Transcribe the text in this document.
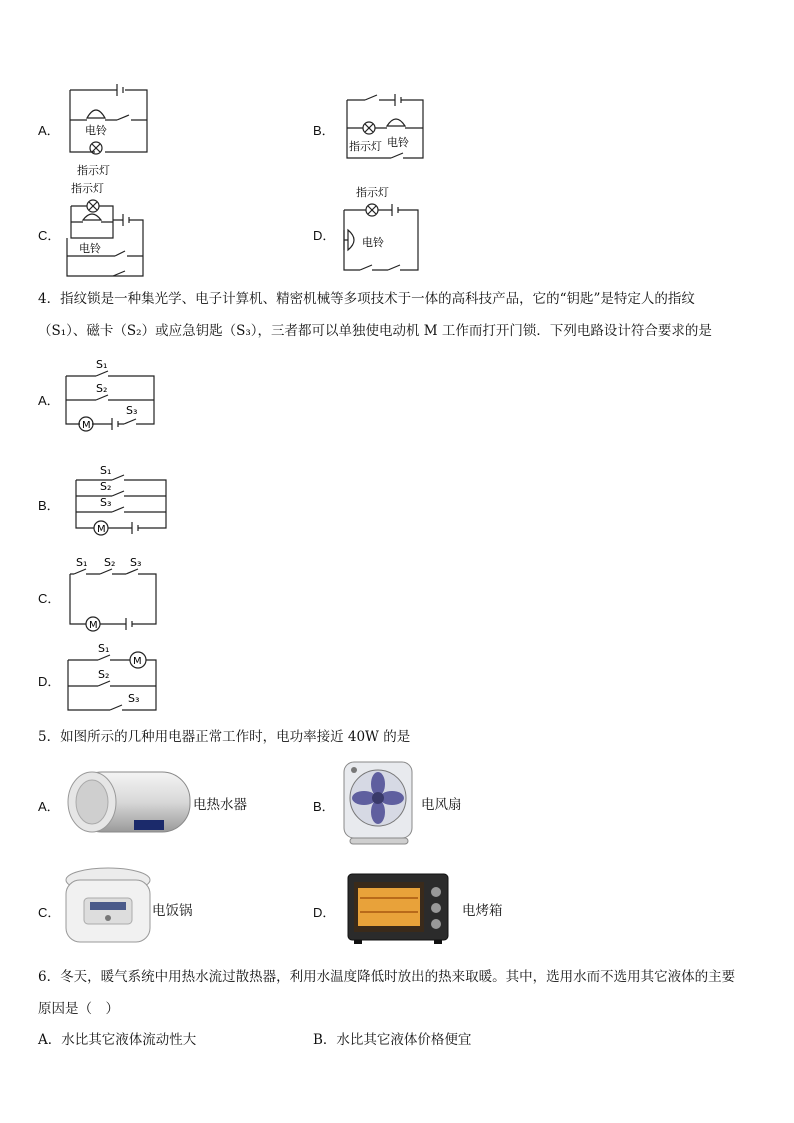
A． 电铃
指示灯
B．
指示灯 电铃
C．
指示灯
电铃
D．
指示灯
电铃
4．指纹锁是一种集光学、电子计算机、精密机械等多项技术于一体的高科技产品，它的“钥匙”是特定人的指纹
（S₁）、磁卡（S₂）或应急钥匙（S₃），三者都可以单独使电动机 M 工作而打开门锁．下列电路设计符合要求的是
A．
S₁
S₂
S₃
M
B．
S₁
S₂
S₃
M
C．
S₁ S₂ S₃
M
D．
S₁
M
S₂
S₃
5．如图所示的几种用电器正常工作时，电功率接近 40W 的是
A．	电热水器	B．	电风扇
C．	电饭锅	D．	电烤箱
6．冬天，暖气系统中用热水流过散热器，利用水温度降低时放出的热来取暖。其中，选用水而不选用其它液体的主要
原因是（　）
A．水比其它液体流动性大	B．水比其它液体价格便宜
